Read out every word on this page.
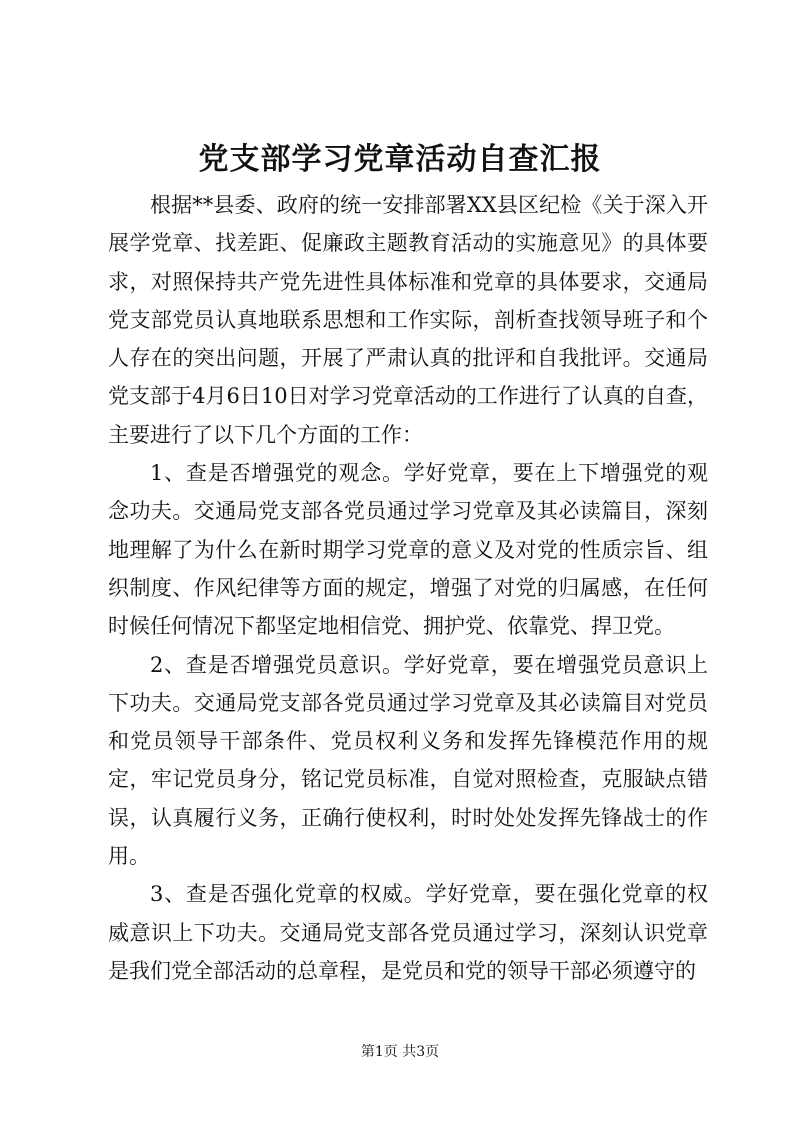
党支部学习党章活动自查汇报

根据**县委、政府的统一安排部署XX县区纪检《关于深入开展学党章、找差距、促廉政主题教育活动的实施意见》的具体要求，对照保持共产党先进性具体标准和党章的具体要求，交通局党支部党员认真地联系思想和工作实际，剖析查找领导班子和个人存在的突出问题，开展了严肃认真的批评和自我批评。交通局党支部于4月6日10日对学习党章活动的工作进行了认真的自查，主要进行了以下几个方面的工作：

1、查是否增强党的观念。学好党章，要在上下增强党的观念功夫。交通局党支部各党员通过学习党章及其必读篇目，深刻地理解了为什么在新时期学习党章的意义及对党的性质宗旨、组织制度、作风纪律等方面的规定，增强了对党的归属感，在任何时候任何情况下都坚定地相信党、拥护党、依靠党、捍卫党。

2、查是否增强党员意识。学好党章，要在增强党员意识上下功夫。交通局党支部各党员通过学习党章及其必读篇目对党员和党员领导干部条件、党员权利义务和发挥先锋模范作用的规定，牢记党员身分，铭记党员标准，自觉对照检查，克服缺点错误，认真履行义务，正确行使权利，时时处处发挥先锋战士的作用。

3、查是否强化党章的权威。学好党章，要在强化党章的权威意识上下功夫。交通局党支部各党员通过学习，深刻认识党章是我们党全部活动的总章程，是党员和党的领导干部必须遵守的

第1页 共3页
